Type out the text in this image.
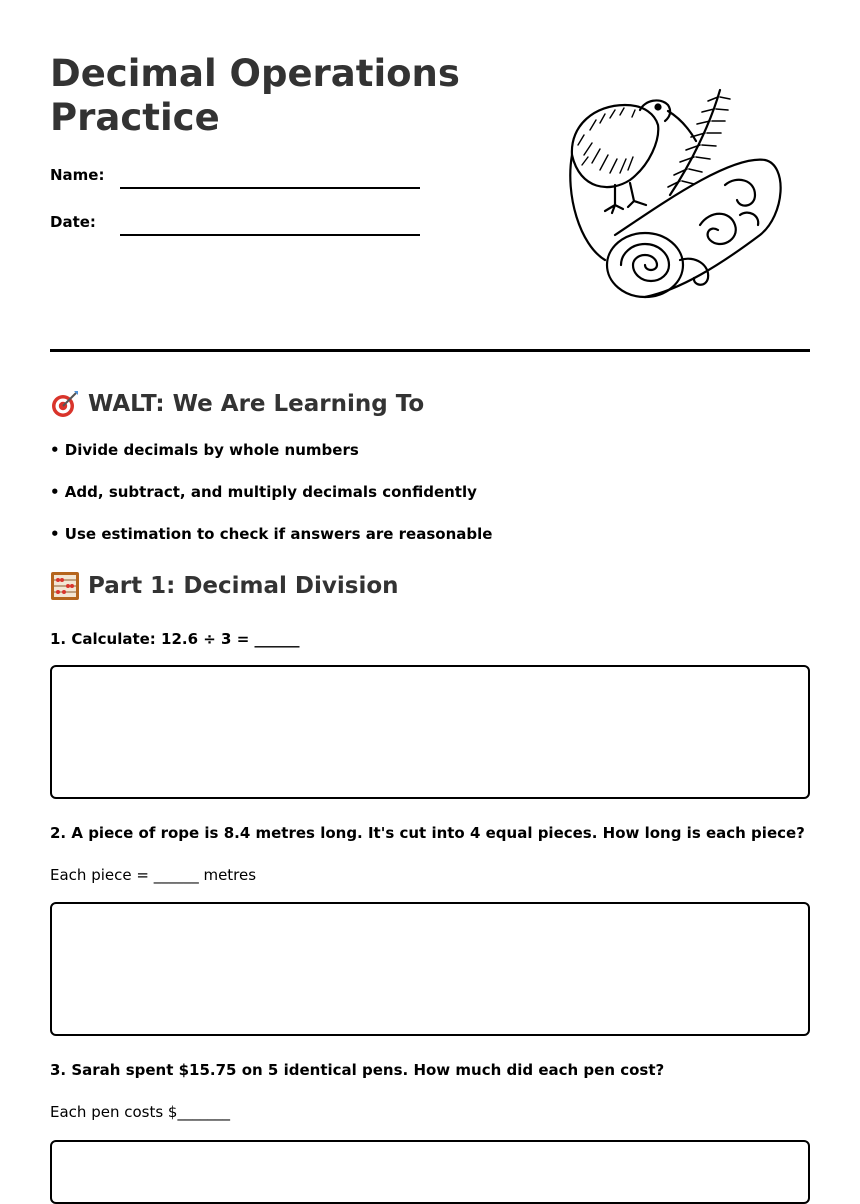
Decimal Operations
Practice
Name:
Date:
WALT: We Are Learning To
• Divide decimals by whole numbers
• Add, subtract, and multiply decimals confidently
• Use estimation to check if answers are reasonable
Part 1: Decimal Division
1. Calculate: 12.6 ÷ 3 = ______
2. A piece of rope is 8.4 metres long. It's cut into 4 equal pieces. How long is each piece?
Each piece = ______ metres
3. Sarah spent $15.75 on 5 identical pens. How much did each pen cost?
Each pen costs $_______
